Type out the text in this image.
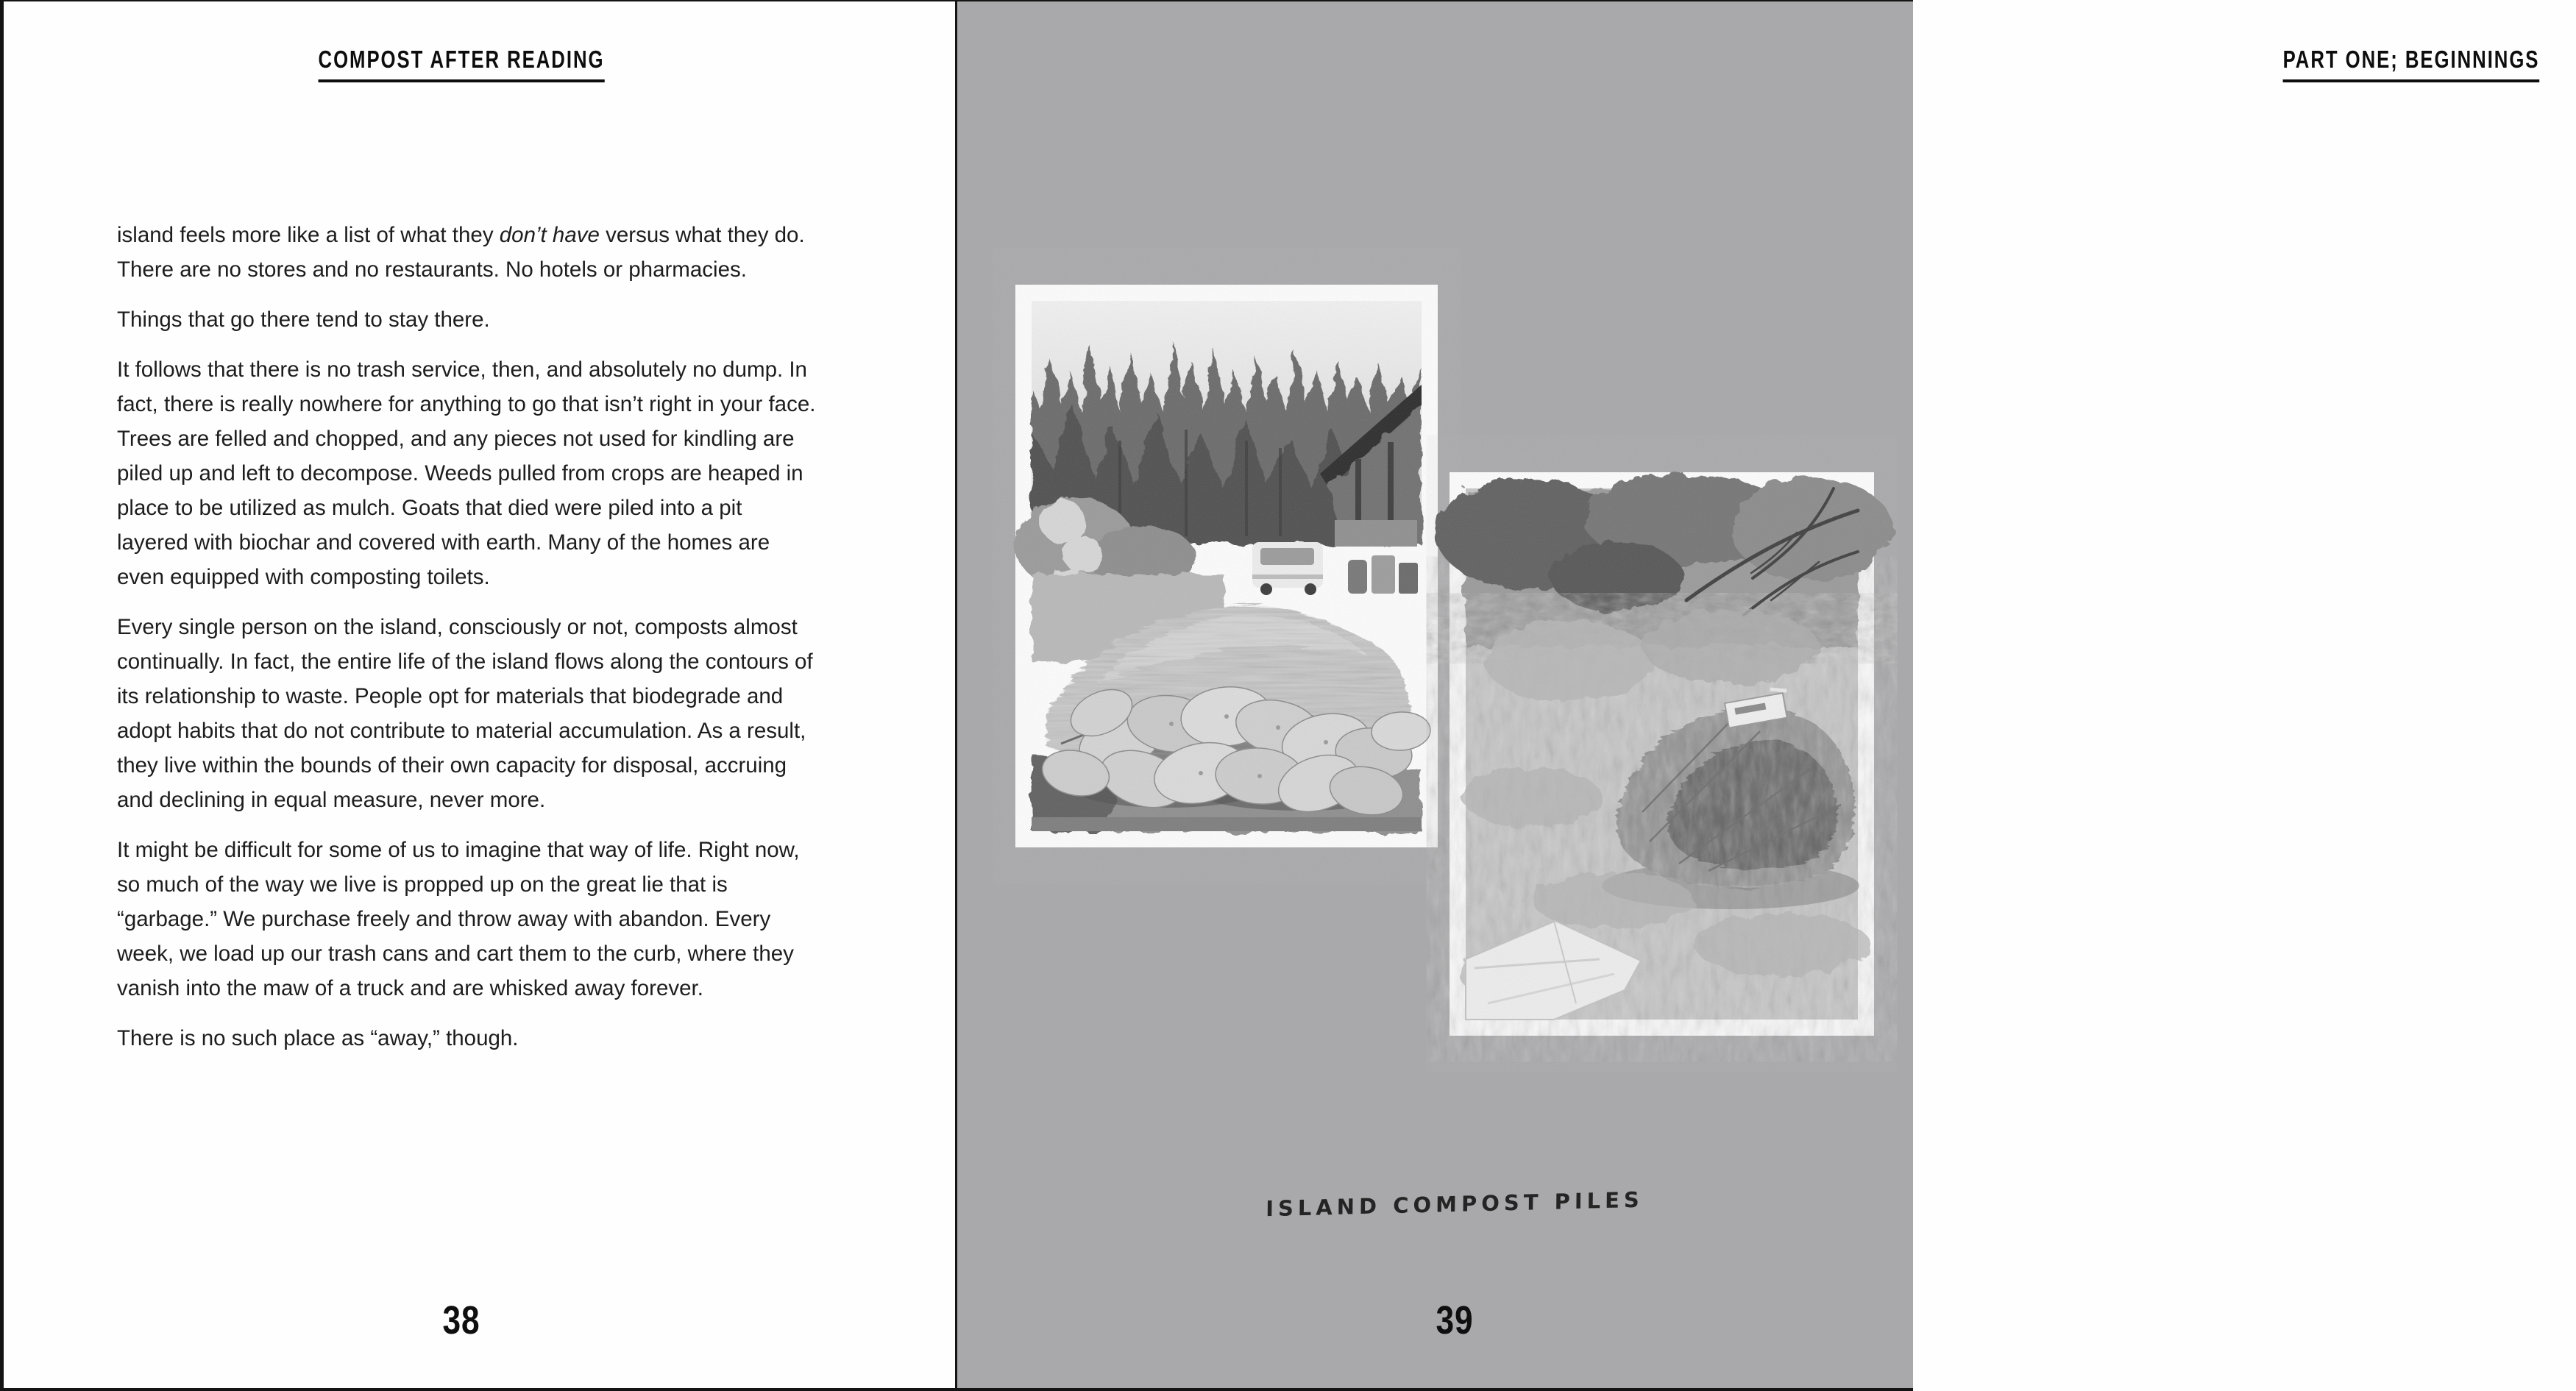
COMPOST AFTER READING

island feels more like a list of what they don’t have versus what they do. There are no stores and no restaurants. No hotels or pharmacies.

Things that go there tend to stay there.

It follows that there is no trash service, then, and absolutely no dump. In fact, there is really nowhere for anything to go that isn’t right in your face. Trees are felled and chopped, and any pieces not used for kindling are piled up and left to decompose. Weeds pulled from crops are heaped in place to be utilized as mulch. Goats that died were piled into a pit layered with biochar and covered with earth. Many of the homes are even equipped with composting toilets.

Every single person on the island, consciously or not, composts almost continually. In fact, the entire life of the island flows along the contours of its relationship to waste. People opt for materials that biodegrade and adopt habits that do not contribute to material accumulation. As a result, they live within the bounds of their own capacity for disposal, accruing and declining in equal measure, never more.

It might be difficult for some of us to imagine that way of life. Right now, so much of the way we live is propped up on the great lie that is “garbage.” We purchase freely and throw away with abandon. Every week, we load up our trash cans and cart them to the curb, where they vanish into the maw of a truck and are whisked away forever.

There is no such place as “away,” though.

38
PART ONE; BEGINNINGS
ISLAND COMPOST PILES
39
